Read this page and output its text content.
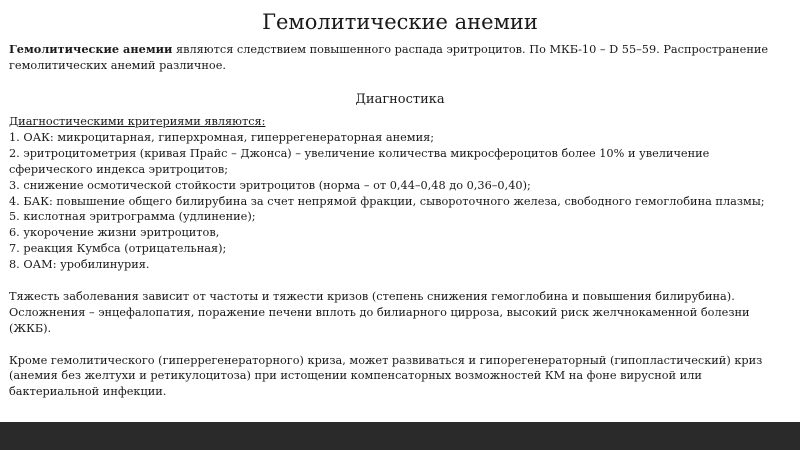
Гемолитические анемии
Гемолитические анемии являются следствием повышенного распада эритроцитов. По МКБ-10 – D 55–59. Распространение гемолитических анемий различное.
Диагностика

Диагностическими критериями являются:

1. ОАК: микроцитарная, гиперхромная, гиперрегенераторная анемия;

2. эритроцитометрия (кривая Прайс – Джонса) – увеличение количества микросфероцитов более 10% и увеличение сферического индекса эритроцитов;

3. снижение осмотической стойкости эритроцитов (норма – от 0,44–0,48 до 0,36–0,40);

4. БАК: повышение общего билирубина за счет непрямой фракции, сывороточного железа, свободного гемоглобина плазмы;

5. кислотная эритрограмма (удлинение);

6. укорочение жизни эритроцитов,

7. реакция Кумбса (отрицательная);

8. ОАМ: уробилинурия.

Тяжесть заболевания зависит от частоты и тяжести кризов (степень снижения гемоглобина и повышения билирубина). Осложнения – энцефалопатия, поражение печени вплоть до билиарного цирроза, высокий риск желчнокаменной болезни (ЖКБ).

Кроме гемолитического (гиперрегенераторного) криза, может развиваться и гипорегенераторный (гипопластический) криз (анемия без желтухи и ретикулоцитоза) при истощении компенсаторных возможностей КМ на фоне вирусной или бактериальной инфекции.
